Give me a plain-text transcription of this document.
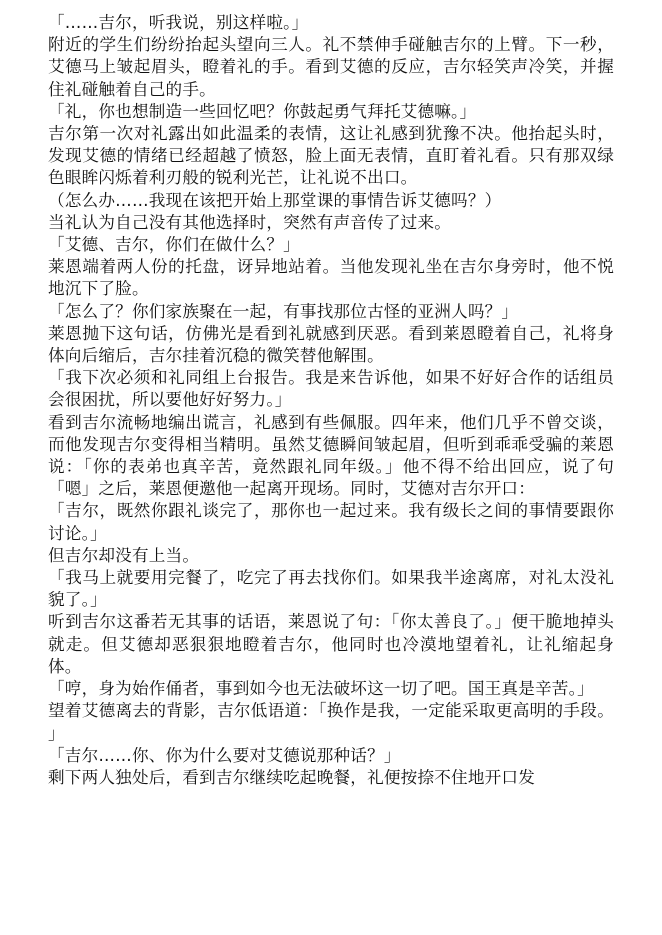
「……吉尔，听我说，别这样啦。」

附近的学生们纷纷抬起头望向三人。礼不禁伸手碰触吉尔的上臂。下一秒，艾德马上皱起眉头，瞪着礼的手。看到艾德的反应，吉尔轻笑声冷笑，并握住礼碰触着自己的手。

「礼，你也想制造一些回忆吧？你鼓起勇气拜托艾德嘛。」

吉尔第一次对礼露出如此温柔的表情，这让礼感到犹豫不决。他抬起头时，发现艾德的情绪已经超越了愤怒，脸上面无表情，直盯着礼看。只有那双绿色眼眸闪烁着利刃般的锐利光芒，让礼说不出口。

（怎么办……我现在该把开始上那堂课的事情告诉艾德吗？）

当礼认为自己没有其他选择时，突然有声音传了过来。

「艾德、吉尔，你们在做什么？」

莱恩端着两人份的托盘，讶异地站着。当他发现礼坐在吉尔身旁时，他不悦地沉下了脸。

「怎么了？你们家族聚在一起，有事找那位古怪的亚洲人吗？」

莱恩抛下这句话，仿佛光是看到礼就感到厌恶。看到莱恩瞪着自己，礼将身体向后缩后，吉尔挂着沉稳的微笑替他解围。

「我下次必须和礼同组上台报告。我是来告诉他，如果不好好合作的话组员会很困扰，所以要他好好努力。」

看到吉尔流畅地编出谎言，礼感到有些佩服。四年来，他们几乎不曾交谈，而他发现吉尔变得相当精明。虽然艾德瞬间皱起眉，但听到乖乖受骗的莱恩说：「你的表弟也真辛苦，竟然跟礼同年级。」他不得不给出回应，说了句「嗯」之后，莱恩便邀他一起离开现场。同时，艾德对吉尔开口：

「吉尔，既然你跟礼谈完了，那你也一起过来。我有级长之间的事情要跟你讨论。」

但吉尔却没有上当。

「我马上就要用完餐了，吃完了再去找你们。如果我半途离席，对礼太没礼貌了。」

听到吉尔这番若无其事的话语，莱恩说了句：「你太善良了。」便干脆地掉头就走。但艾德却恶狠狠地瞪着吉尔，他同时也冷漠地望着礼，让礼缩起身体。

「哼，身为始作俑者，事到如今也无法破坏这一切了吧。国王真是辛苦。」

望着艾德离去的背影，吉尔低语道：「换作是我，一定能采取更高明的手段。 」

「吉尔……你、你为什么要对艾德说那种话？」

剩下两人独处后，看到吉尔继续吃起晚餐，礼便按捺不住地开口发
